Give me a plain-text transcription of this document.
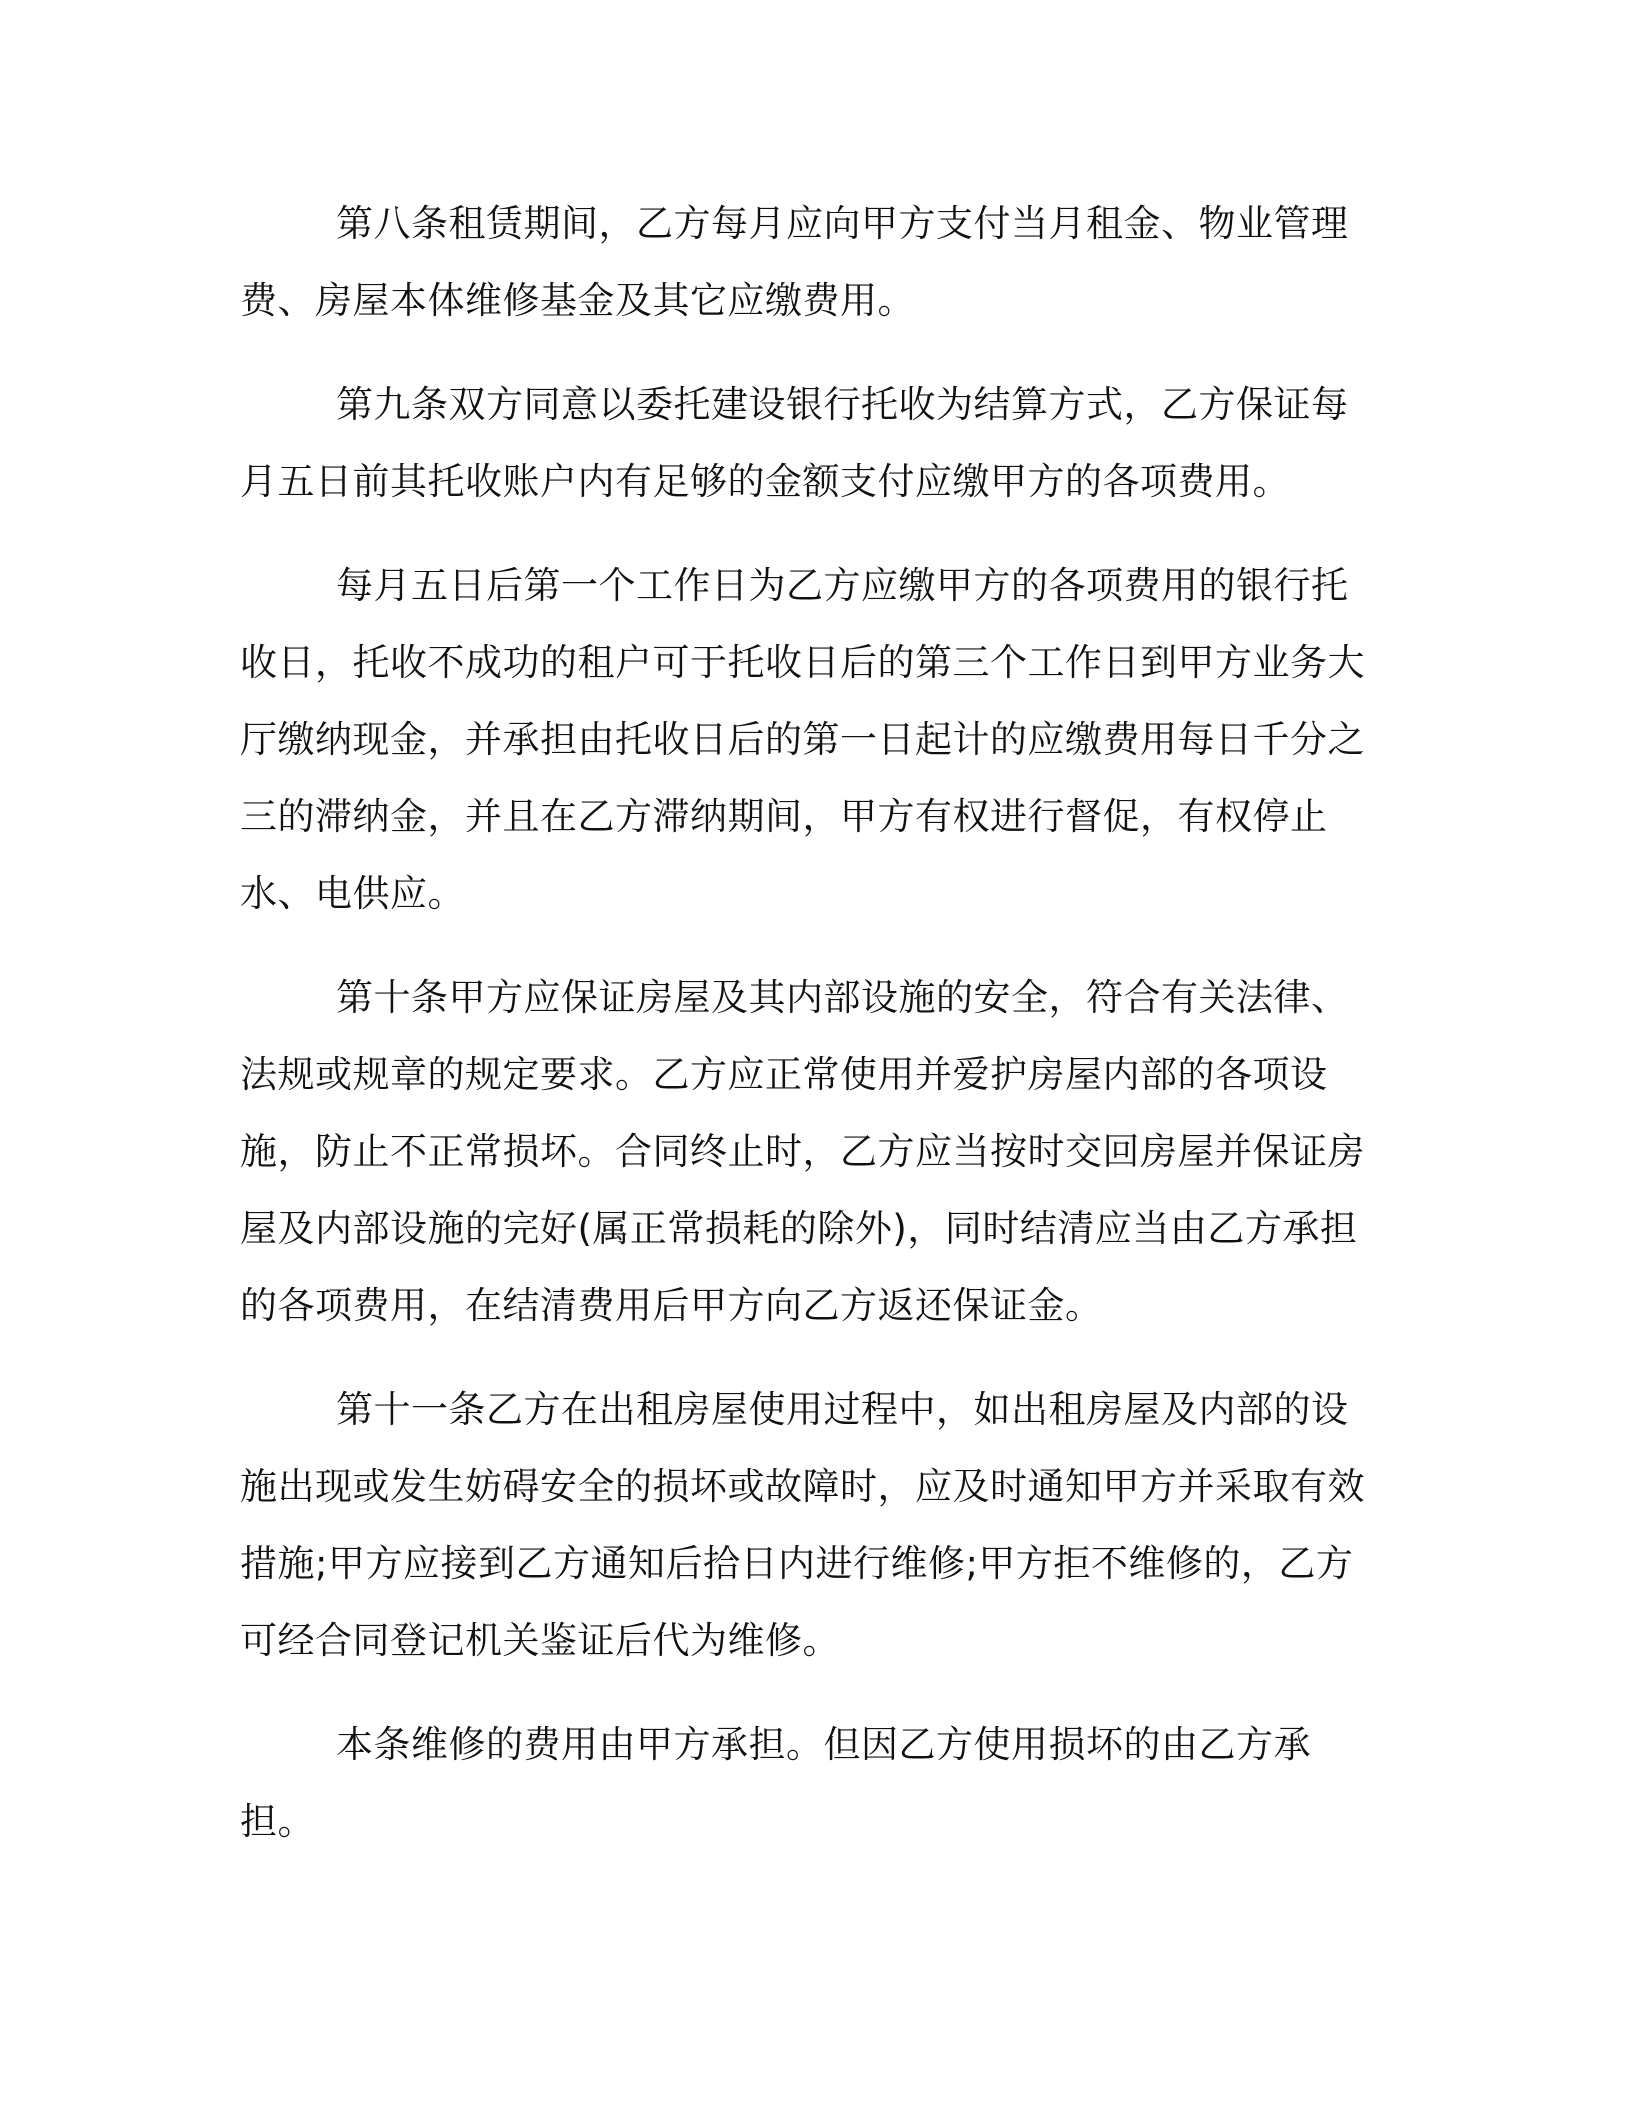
第八条租赁期间，乙方每月应向甲方支付当月租金、物业管理费、房屋本体维修基金及其它应缴费用。

第九条双方同意以委托建设银行托收为结算方式，乙方保证每月五日前其托收账户内有足够的金额支付应缴甲方的各项费用。

每月五日后第一个工作日为乙方应缴甲方的各项费用的银行托收日，托收不成功的租户可于托收日后的第三个工作日到甲方业务大厅缴纳现金，并承担由托收日后的第一日起计的应缴费用每日千分之三的滞纳金，并且在乙方滞纳期间，甲方有权进行督促，有权停止水、电供应。

第十条甲方应保证房屋及其内部设施的安全，符合有关法律、法规或规章的规定要求。乙方应正常使用并爱护房屋内部的各项设施，防止不正常损坏。合同终止时，乙方应当按时交回房屋并保证房屋及内部设施的完好(属正常损耗的除外)，同时结清应当由乙方承担的各项费用，在结清费用后甲方向乙方返还保证金。

第十一条乙方在出租房屋使用过程中，如出租房屋及内部的设施出现或发生妨碍安全的损坏或故障时，应及时通知甲方并采取有效措施;甲方应接到乙方通知后拾日内进行维修;甲方拒不维修的，乙方可经合同登记机关鉴证后代为维修。

本条维修的费用由甲方承担。但因乙方使用损坏的由乙方承担。
